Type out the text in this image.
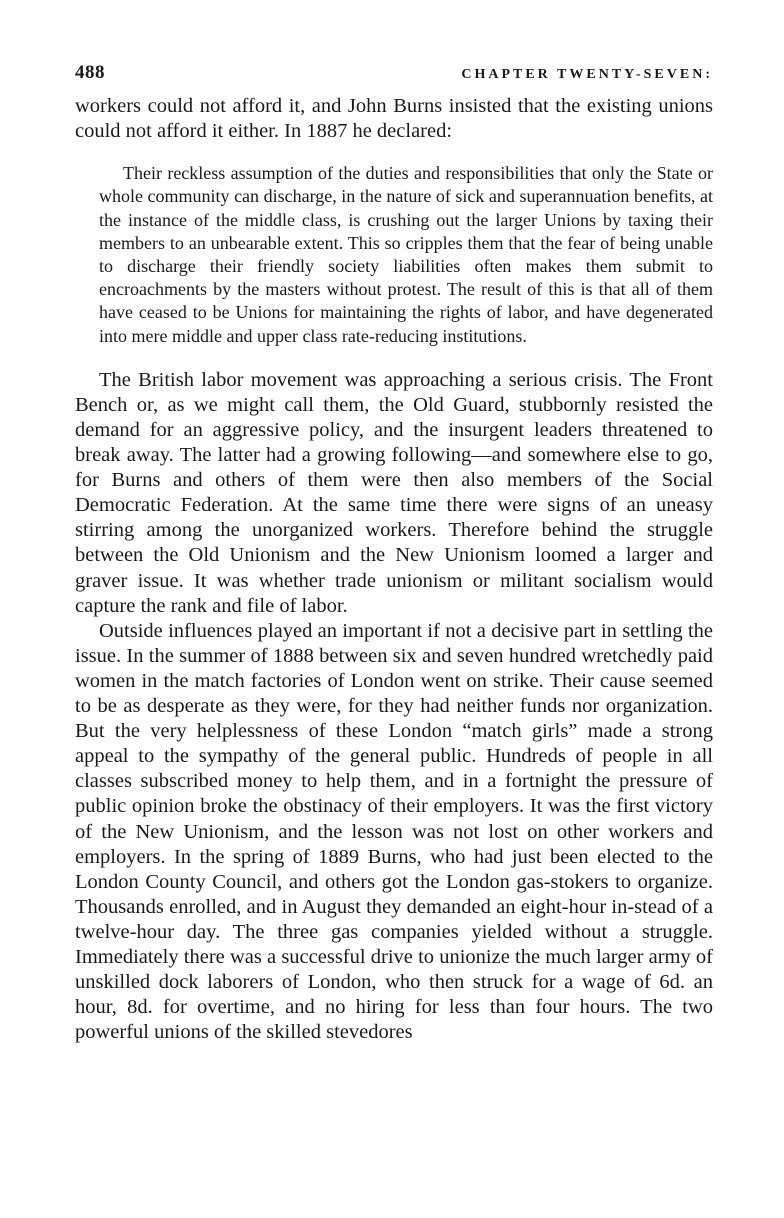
488	CHAPTER TWENTY-SEVEN:

workers could not afford it, and John Burns insisted that the existing unions could not afford it either. In 1887 he declared:

Their reckless assumption of the duties and responsibilities that only the State or whole community can discharge, in the nature of sick and superannuation benefits, at the instance of the middle class, is crushing out the larger Unions by taxing their members to an unbearable extent. This so cripples them that the fear of being unable to discharge their friendly society liabilities often makes them submit to encroachments by the masters without protest. The result of this is that all of them have ceased to be Unions for maintaining the rights of labor, and have degenerated into mere middle and upper class rate-reducing institutions.

The British labor movement was approaching a serious crisis. The Front Bench or, as we might call them, the Old Guard, stubbornly resisted the demand for an aggressive policy, and the insurgent leaders threatened to break away. The latter had a growing following—and somewhere else to go, for Burns and others of them were then also members of the Social Democratic Federation. At the same time there were signs of an uneasy stirring among the unorganized workers. Therefore behind the struggle between the Old Unionism and the New Unionism loomed a larger and graver issue. It was whether trade unionism or militant socialism would capture the rank and file of labor.

Outside influences played an important if not a decisive part in settling the issue. In the summer of 1888 between six and seven hundred wretchedly paid women in the match factories of London went on strike. Their cause seemed to be as desperate as they were, for they had neither funds nor organization. But the very helplessness of these London “match girls” made a strong appeal to the sympathy of the general public. Hundreds of people in all classes subscribed money to help them, and in a fortnight the pressure of public opinion broke the obstinacy of their employers. It was the first victory of the New Unionism, and the lesson was not lost on other workers and employers. In the spring of 1889 Burns, who had just been elected to the London County Council, and others got the London gas-stokers to organize. Thousands enrolled, and in August they demanded an eight-hour in-stead of a twelve-hour day. The three gas companies yielded without a struggle. Immediately there was a successful drive to unionize the much larger army of unskilled dock laborers of London, who then struck for a wage of 6d. an hour, 8d. for overtime, and no hiring for less than four hours. The two powerful unions of the skilled stevedores
